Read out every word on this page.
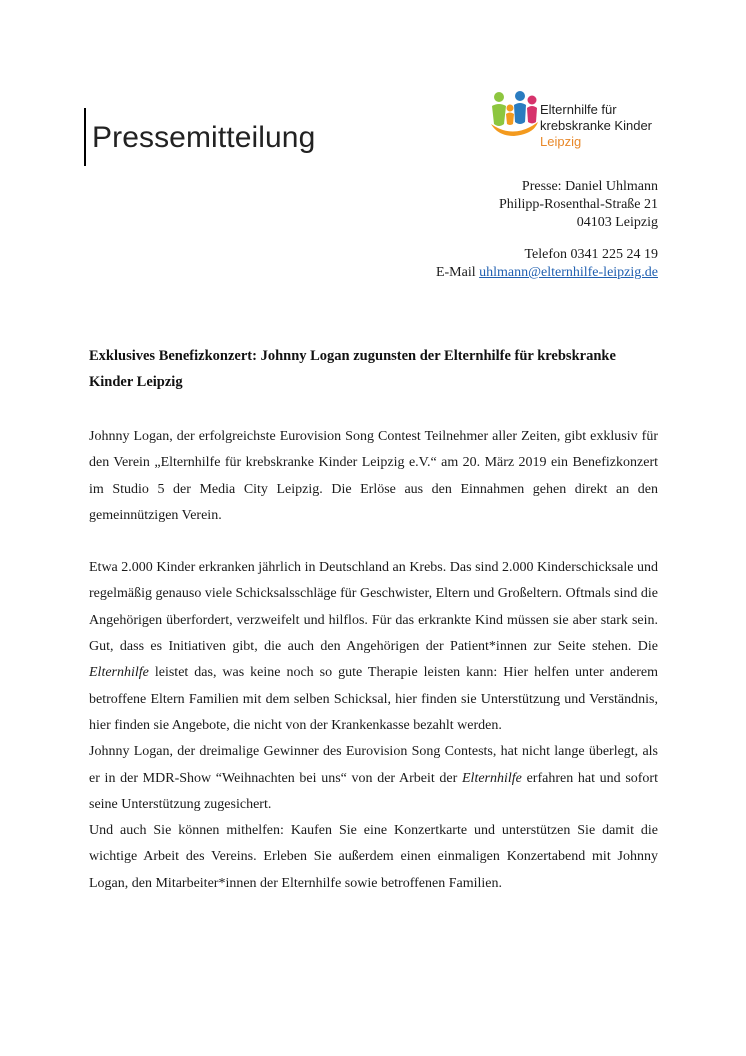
Pressemitteilung
Elternhilfe für
krebskranke Kinder
Leipzig
Presse: Daniel Uhlmann
Philipp-Rosenthal-Straße 21
04103 Leipzig
Telefon 0341 225 24 19
E-Mail uhlmann@elternhilfe-leipzig.de
Exklusives Benefizkonzert: Johnny Logan zugunsten der Elternhilfe für krebskranke Kinder Leipzig

Johnny Logan, der erfolgreichste Eurovision Song Contest Teilnehmer aller Zeiten, gibt exklusiv für den Verein „Elternhilfe für krebskranke Kinder Leipzig e.V.“ am 20. März 2019 ein Benefizkonzert im Studio 5 der Media City Leipzig. Die Erlöse aus den Einnahmen gehen direkt an den gemeinnützigen Verein.

Etwa 2.000 Kinder erkranken jährlich in Deutschland an Krebs. Das sind 2.000 Kinderschicksale und regelmäßig genauso viele Schicksalsschläge für Geschwister, Eltern und Großeltern. Oftmals sind die Angehörigen überfordert, verzweifelt und hilflos. Für das erkrankte Kind müssen sie aber stark sein. Gut, dass es Initiativen gibt, die auch den Angehörigen der Patient*innen zur Seite stehen. Die Elternhilfe leistet das, was keine noch so gute Therapie leisten kann: Hier helfen unter anderem betroffene Eltern Familien mit dem selben Schicksal, hier finden sie Unterstützung und Verständnis, hier finden sie Angebote, die nicht von der Krankenkasse bezahlt werden.

Johnny Logan, der dreimalige Gewinner des Eurovision Song Contests, hat nicht lange überlegt, als er in der MDR-Show “Weihnachten bei uns“ von der Arbeit der Elternhilfe erfahren hat und sofort seine Unterstützung zugesichert.

Und auch Sie können mithelfen: Kaufen Sie eine Konzertkarte und unterstützen Sie damit die wichtige Arbeit des Vereins. Erleben Sie außerdem einen einmaligen Konzertabend mit Johnny Logan, den Mitarbeiter*innen der Elternhilfe sowie betroffenen Familien.
